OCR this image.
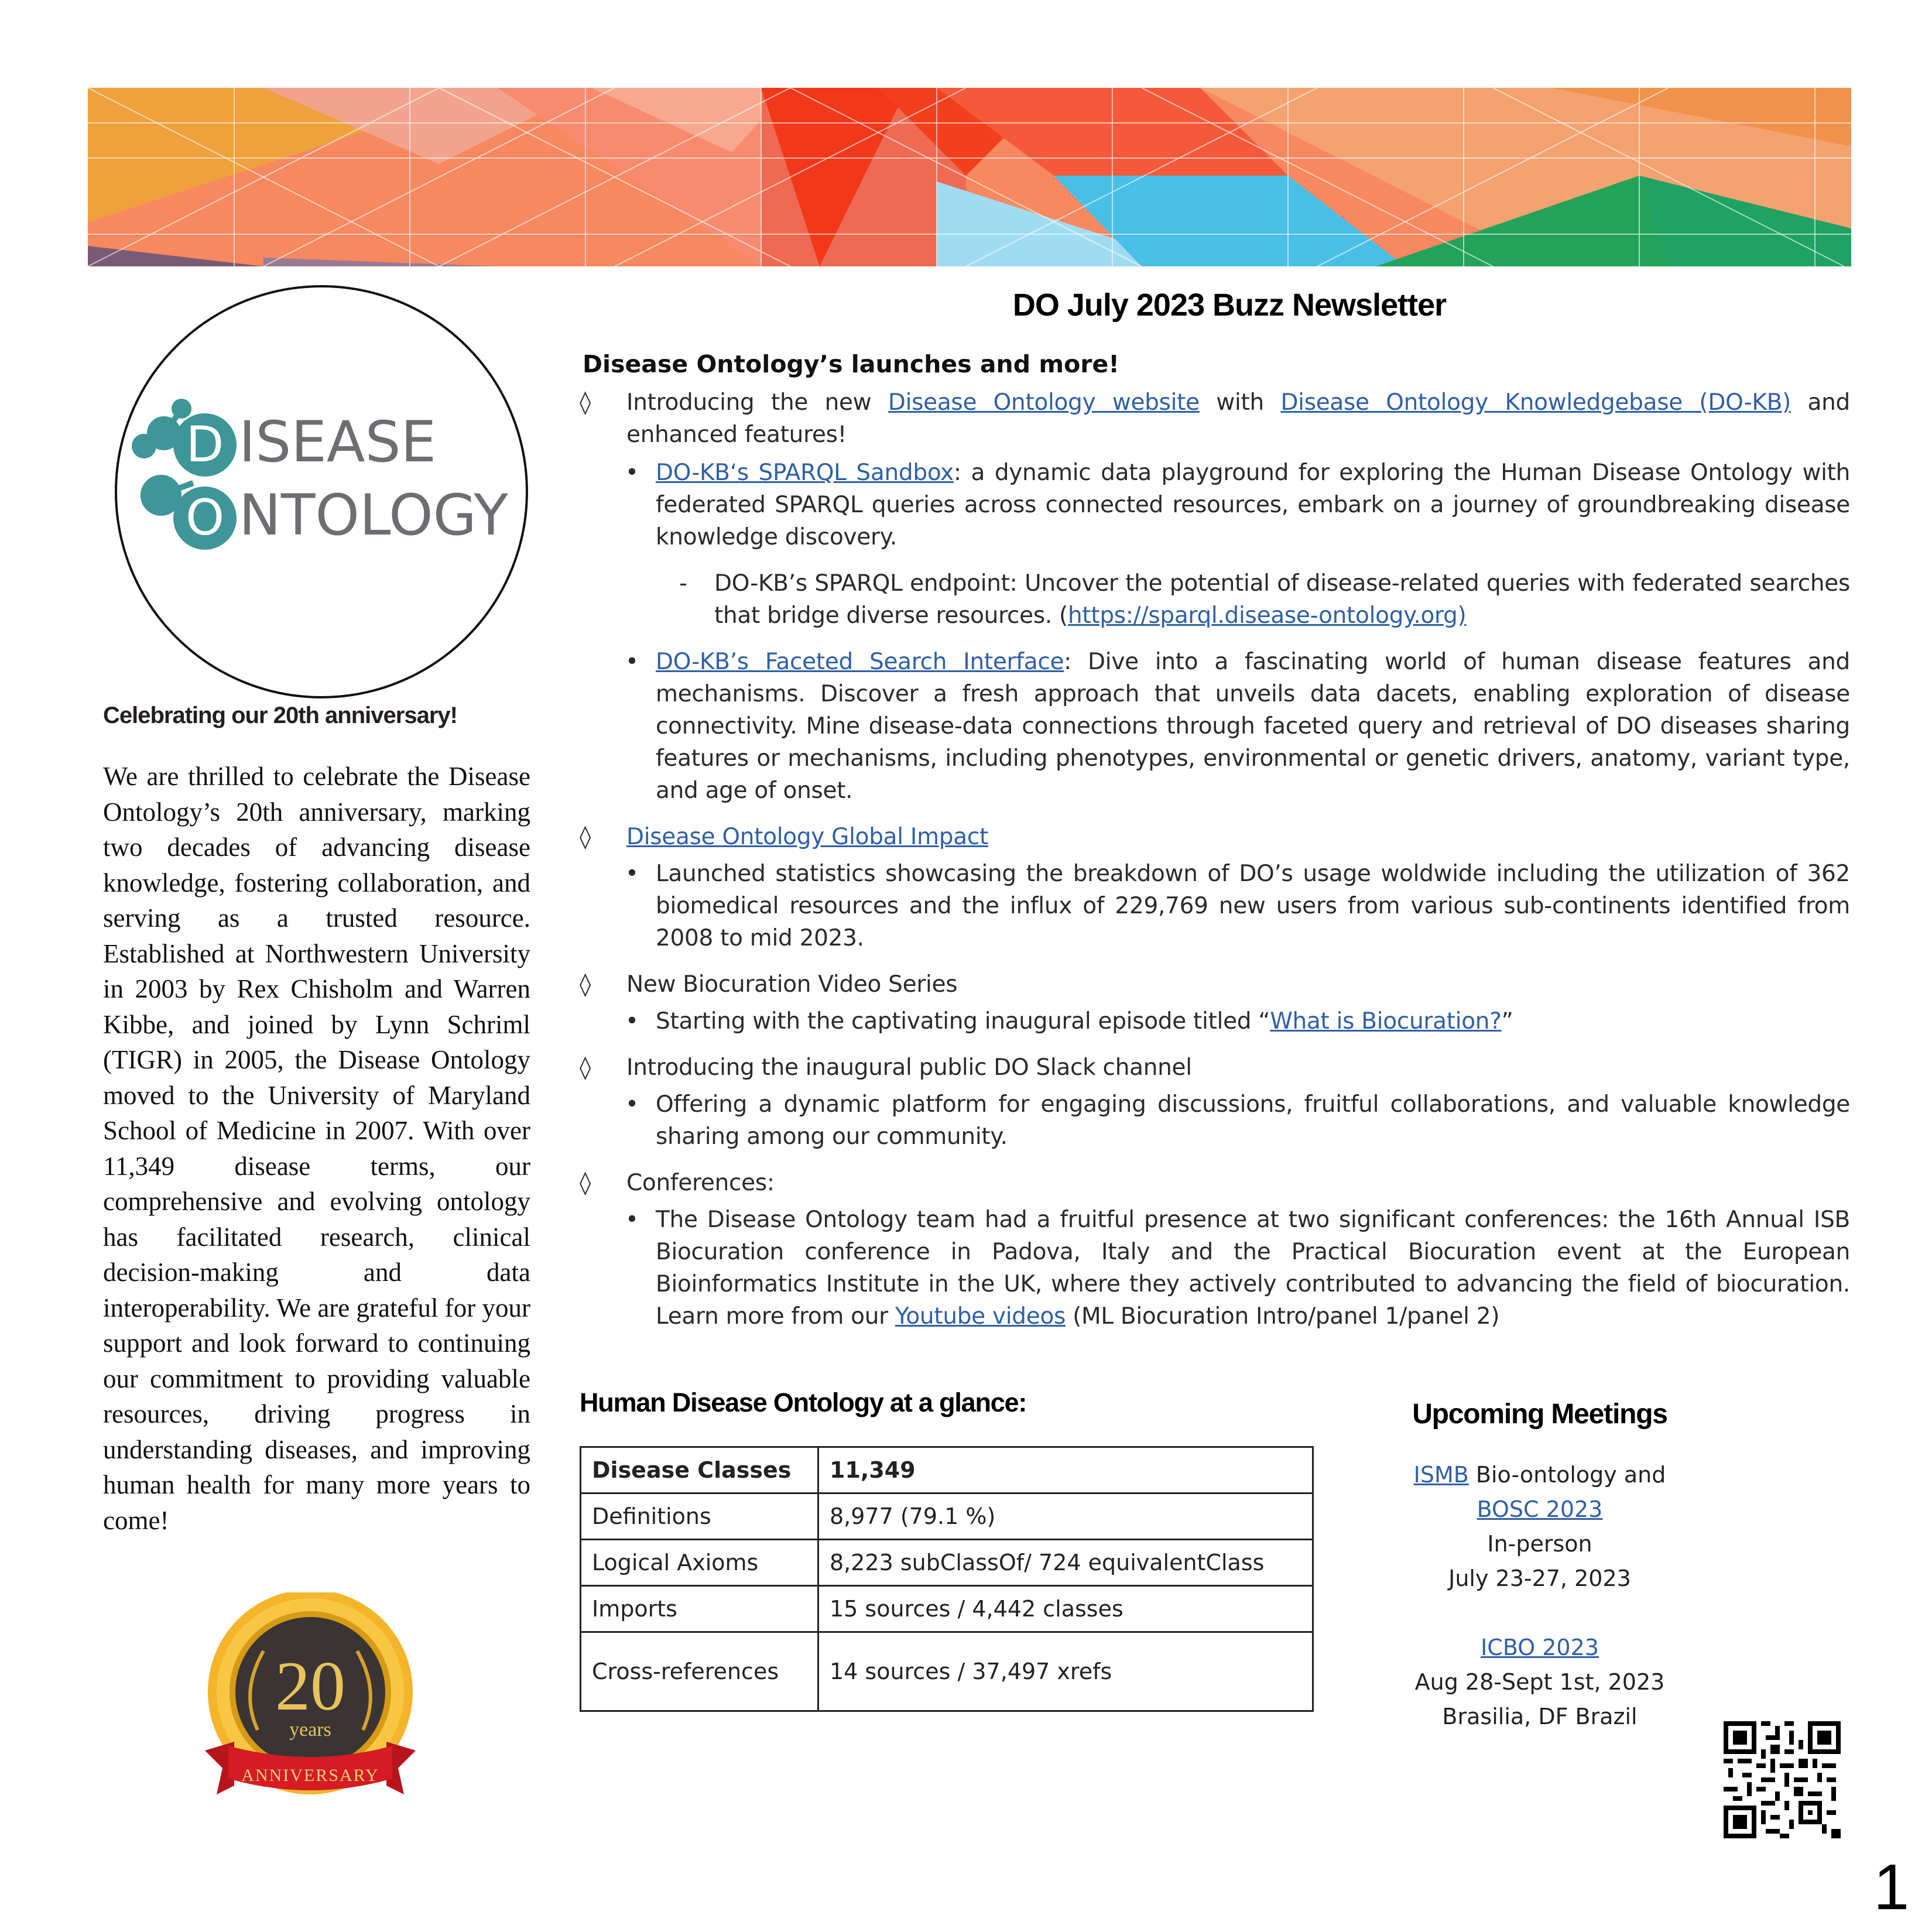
D
O
ISEASE
NTOLOGY
Celebrating our 20th anniversary!
We are thrilled to celebrate the Disease Ontology’s 20th anniversary, marking two decades of advancing disease knowledge, fostering collaboration, and serving as a trusted resource. Established at Northwestern University in 2003 by Rex Chisholm and Warren Kibbe, and joined by Lynn Schriml (TIGR) in 2005, the Disease Ontology moved to the University of Maryland School of Medicine in 2007. With over 11,349 disease terms, our comprehensive and evolving ontology has facilitated research, clinical decision-making and data interoperability. We are grateful for your support and look forward to continuing our commitment to providing valuable resources, driving progress in understanding diseases, and improving human health for many more years to come!
20
years
ANNIVERSARY
DO July 2023 Buzz Newsletter
Disease Ontology’s launches and more!

◊ Introducing the new Disease Ontology website with Disease Ontology Knowledgebase (DO-KB) and enhanced features!

• DO-KB‘s SPARQL Sandbox: a dynamic data playground for exploring the Human Disease Ontology with federated SPARQL queries across connected resources, embark on a journey of groundbreaking disease knowledge discovery.

- DO-KB’s SPARQL endpoint: Uncover the potential of disease-related queries with federated searches that bridge diverse resources. (https://sparql.disease-ontology.org)

• DO-KB’s Faceted Search Interface: Dive into a fascinating world of human disease features and mechanisms. Discover a fresh approach that unveils data dacets, enabling exploration of disease connectivity. Mine disease-data connections through faceted query and retrieval of DO diseases sharing features or mechanisms, including phenotypes, environmental or genetic drivers, anatomy, variant type, and age of onset.

◊ Disease Ontology Global Impact

• Launched statistics showcasing the breakdown of DO’s usage woldwide including the utilization of 362 biomedical resources and the influx of 229,769 new users from various sub-continents identified from 2008 to mid 2023.

◊ New Biocuration Video Series

• Starting with the captivating inaugural episode titled “What is Biocuration?”

◊ Introducing the inaugural public DO Slack channel

• Offering a dynamic platform for engaging discussions, fruitful collaborations, and valuable knowledge sharing among our community.

◊ Conferences:

• The Disease Ontology team had a fruitful presence at two significant conferences: the 16th Annual ISB Biocuration conference in Padova, Italy and the Practical Biocuration event at the European Bioinformatics Institute in the UK, where they actively contributed to advancing the field of biocuration. Learn more from our Youtube videos (ML Biocuration Intro/panel 1/panel 2)

Human Disease Ontology at a glance:
Disease Classes	11,349
Definitions	8,977 (79.1 %)
Logical Axioms	8,223 subClassOf/ 724 equivalentClass
Imports	15 sources / 4,442 classes
Cross-references	14 sources / 37,497 xrefs
Upcoming Meetings
ISMB Bio-ontology and
BOSC 2023
In-person
July 23-27, 2023
ICBO 2023
Aug 28-Sept 1st, 2023
Brasilia, DF Brazil
1
